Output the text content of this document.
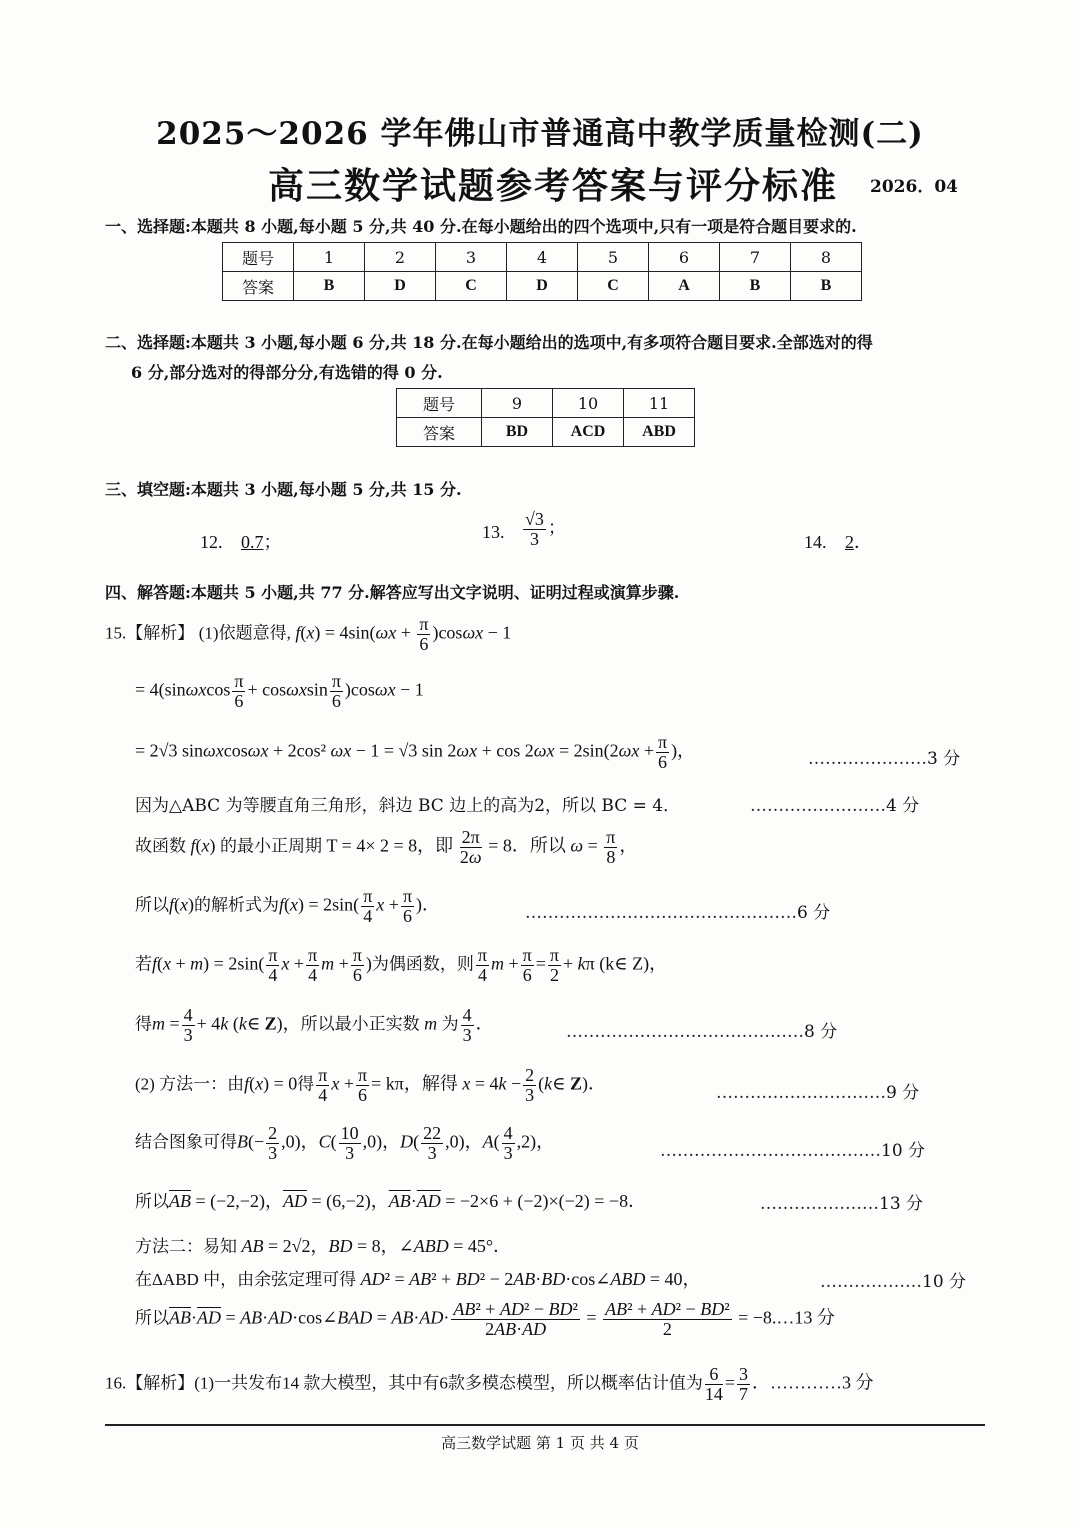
2025～2026 学年佛山市普通高中教学质量检测(二)
高三数学试题参考答案与评分标准 2026．04
一、选择题:本题共 8 小题,每小题 5 分,共 40 分.在每小题给出的四个选项中,只有一项是符合题目要求的.
题号	1	2	3	4	5	6	7	8
答案	B	D	C	D	C	A	B	B
二、选择题:本题共 3 小题,每小题 6 分,共 18 分.在每小题给出的选项中,有多项符合题目要求.全部选对的得
6 分,部分选对的得部分分,有选错的得 0 分.
题号	9	10	11
答案	BD	ACD	ABD
三、填空题:本题共 3 小题,每小题 5 分,共 15 分.
12. 0.7；
13. $\frac{√3}{3}$ ；
14. 2．
四、解答题:本题共 5 小题,共 77 分.解答应写出文字说明、证明过程或演算步骤.
15.【解析】 (1)依题意得, $f(x) = 4\sin(\omega x + \frac{\pi}{6} )\cos\omega x - 1$
= $4(\sin\omega xcos \frac{\pi}{6} + \cos\omega xsin \frac{\pi}{6} )\cos\omega x - 1$
= 2√3 sinωxcosωx + 2cos² ωx − 1 = √3 $\sin 2\omega x + \cos 2\omega x = 2\sin(2\omega x + \frac{\pi}{6}$ )，	…………………3 分
因为△ABC 为等腰直角三角形，斜边 BC 边上的高为2，所以 BC = 4．	……………………4 分
故函数 f(x) 的最小正周期 T = 4× 2 = 8，即 $\frac{2\pi}{2\omega} = 8$．所以 $\omega = \frac{\pi}{8}$ ，
所以f(x)的解析式为$f(x) = 2\sin( \frac{\pi}{4}$ $x + \frac{\pi}{6}$ )．	…………………………………………6 分
若$f(x + m) = 2\sin( \frac{\pi}{4}$ $x + \frac{\pi}{4}$ $m + \frac{\pi}{6}$ )为偶函数，则 $\frac{\pi}{4}$ $m + \frac{\pi}{6} = \frac{\pi}{2} + k\pi$ (k∈ Z)，
得$m = \frac{4}{3} + 4k$ (k∈ Z)，所以最小正实数 m 为 $\frac{4}{3}$ ．	……………………………………8 分
(2) 方法一：由f(x) = 0得 $\frac{\pi}{4}$ $x + \frac{\pi}{6} = k\pi$，解得 $x = 4k - \frac{2}{3}$ (k∈ Z)．	…………………………9 分
结合图象可得$B(- \frac{2}{3} ,0)$，$C( \frac{10}{3} ,0)$，$D( \frac{22}{3} ,0)$，$A( \frac{4}{3} ,2)$，	…………………………………10 分
所以$\overline{AB} = (-2,-2)$，$\overline{AD} = (6,-2)$，$\overline{AB}\cdot\overline{AD} = -2\times 6 + (-2)\times(-2) = -8$．	…………………13 分
方法二：易知 AB = 2√2，BD = 8，∠ABD = 45°．
在ΔABD 中，由余弦定理可得 AD² = AB² + BD² − 2AB·BD·cos∠ABD = 40，	………………10 分
所以$\overline{AB}\cdot\overline{AD}$ = AB·AD·cos∠BAD = $AB\cdot AD\cdot \frac{\text{AB² + AD² − BD²}}{2AB\cdot AD} = \frac{\text{AB² + AD² − BD²}}{2}$ = −8.…13 分
16.【解析】(1)一共发布14 款大模型，其中有6款多模态模型，所以概率估计值为 $\frac{6}{14} = \frac{3}{7}$ ．…………3 分
高三数学试题 第 1 页 共 4 页
